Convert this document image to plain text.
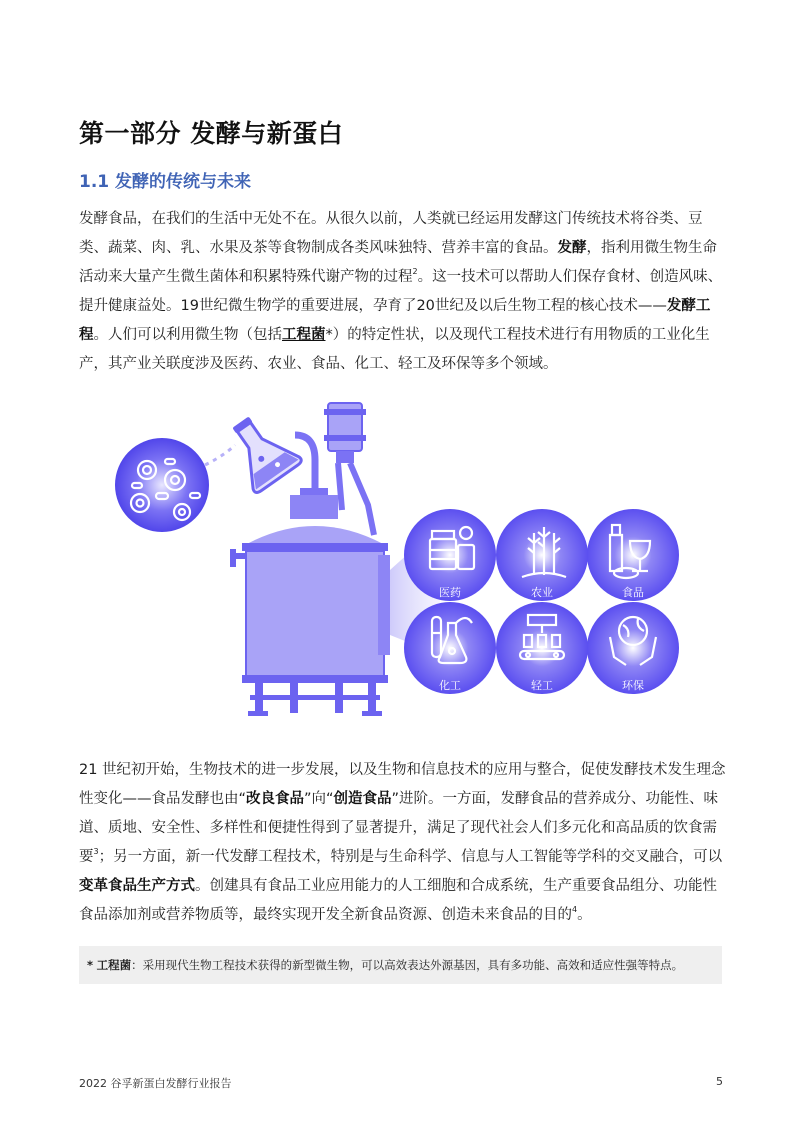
第一部分 发酵与新蛋白
1.1 发酵的传统与未来

发酵食品，在我们的生活中无处不在。从很久以前，人类就已经运用发酵这门传统技术将谷类、豆类、蔬菜、肉、乳、水果及茶等食物制成各类风味独特、营养丰富的食品。发酵，指利用微生物生命活动来大量产生微生菌体和积累特殊代谢产物的过程$^2$。这一技术可以帮助人们保存食材、创造风味、提升健康益处。19世纪微生物学的重要进展，孕育了20世纪及以后生物工程的核心技术——发酵工程。人们可以利用微生物（包括工程菌*）的特定性状，以及现代工程技术进行有用物质的工业化生产，其产业关联度涉及医药、农业、食品、化工、轻工及环保等多个领域。

医药	农业	食品
化工	轻工	环保

21 世纪初开始，生物技术的进一步发展，以及生物和信息技术的应用与整合，促使发酵技术发生理念性变化——食品发酵也由“改良食品”向“创造食品”进阶。一方面，发酵食品的营养成分、功能性、味道、质地、安全性、多样性和便捷性得到了显著提升，满足了现代社会人们多元化和高品质的饮食需要$^3$；另一方面，新一代发酵工程技术，特别是与生命科学、信息与人工智能等学科的交叉融合，可以变革食品生产方式。创建具有食品工业应用能力的人工细胞和合成系统，生产重要食品组分、功能性食品添加剂或营养物质等，最终实现开发全新食品资源、创造未来食品的目的$^4$。

* 工程菌：采用现代生物工程技术获得的新型微生物，可以高效表达外源基因，具有多功能、高效和适应性强等特点。
2022 谷孚新蛋白发酵行业报告	5
